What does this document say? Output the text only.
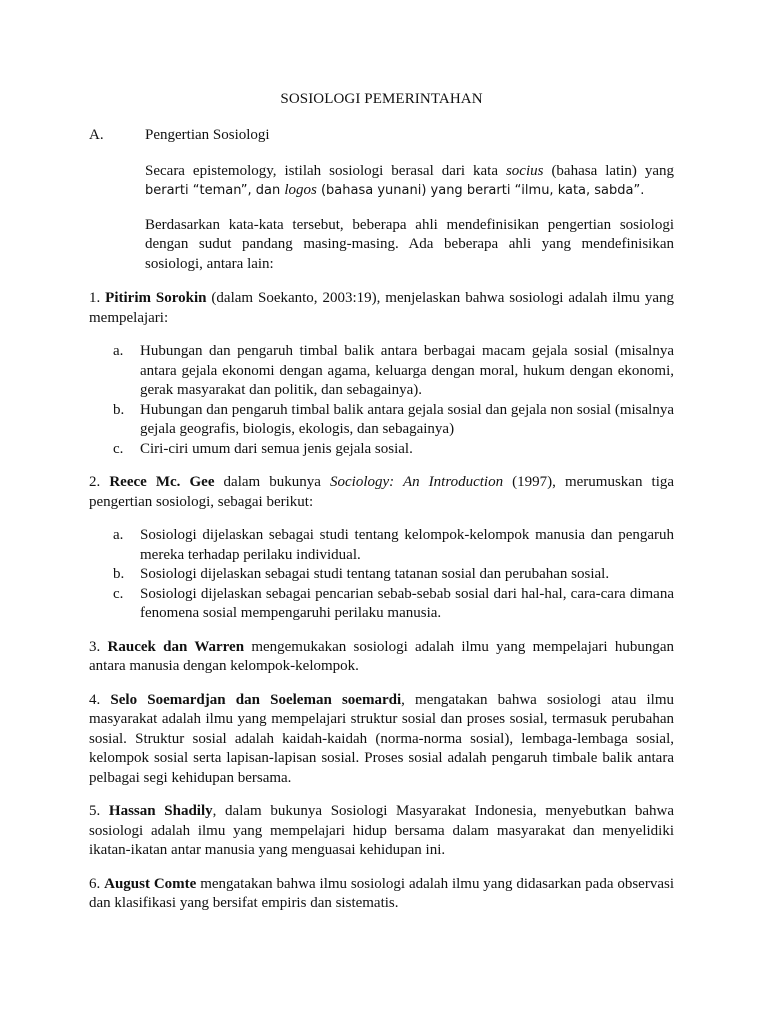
SOSIOLOGI PEMERINTAHAN
A.	Pengertian Sosiologi
Secara epistemology, istilah sosiologi berasal dari kata socius (bahasa latin) yang berarti “teman”, dan logos (bahasa yunani) yang berarti “ilmu, kata, sabda”.
Berdasarkan kata-kata tersebut, beberapa ahli mendefinisikan pengertian sosiologi dengan sudut pandang masing-masing. Ada beberapa ahli yang mendefinisikan sosiologi, antara lain:

1. Pitirim Sorokin (dalam Soekanto, 2003:19), menjelaskan bahwa sosiologi adalah ilmu yang mempelajari:

a.	Hubungan dan pengaruh timbal balik antara berbagai macam gejala sosial (misalnya antara gejala ekonomi dengan agama, keluarga dengan moral, hukum dengan ekonomi, gerak masyarakat dan politik, dan sebagainya).
b.	Hubungan dan pengaruh timbal balik antara gejala sosial dan gejala non sosial (misalnya gejala geografis, biologis, ekologis, dan sebagainya)
c.	Ciri-ciri umum dari semua jenis gejala sosial.

2. Reece Mc. Gee dalam bukunya Sociology: An Introduction (1997), merumuskan tiga pengertian sosiologi, sebagai berikut:

a.	Sosiologi dijelaskan sebagai studi tentang kelompok-kelompok manusia dan pengaruh mereka terhadap perilaku individual.
b.	Sosiologi dijelaskan sebagai studi tentang tatanan sosial dan perubahan sosial.
c.	Sosiologi dijelaskan sebagai pencarian sebab-sebab sosial dari hal-hal, cara-cara dimana fenomena sosial mempengaruhi perilaku manusia.

3. Raucek dan Warren mengemukakan sosiologi adalah ilmu yang mempelajari hubungan antara manusia dengan kelompok-kelompok.

4. Selo Soemardjan dan Soeleman soemardi, mengatakan bahwa sosiologi atau ilmu masyarakat adalah ilmu yang mempelajari struktur sosial dan proses sosial, termasuk perubahan sosial. Struktur sosial adalah kaidah-kaidah (norma-norma sosial), lembaga-lembaga sosial, kelompok sosial serta lapisan-lapisan sosial. Proses sosial adalah pengaruh timbale balik antara pelbagai segi kehidupan bersama.

5. Hassan Shadily, dalam bukunya Sosiologi Masyarakat Indonesia, menyebutkan bahwa sosiologi adalah ilmu yang mempelajari hidup bersama dalam masyarakat dan menyelidiki ikatan-ikatan antar manusia yang menguasai kehidupan ini.

6. August Comte mengatakan bahwa ilmu sosiologi adalah ilmu yang didasarkan pada observasi dan klasifikasi yang bersifat empiris dan sistematis.
